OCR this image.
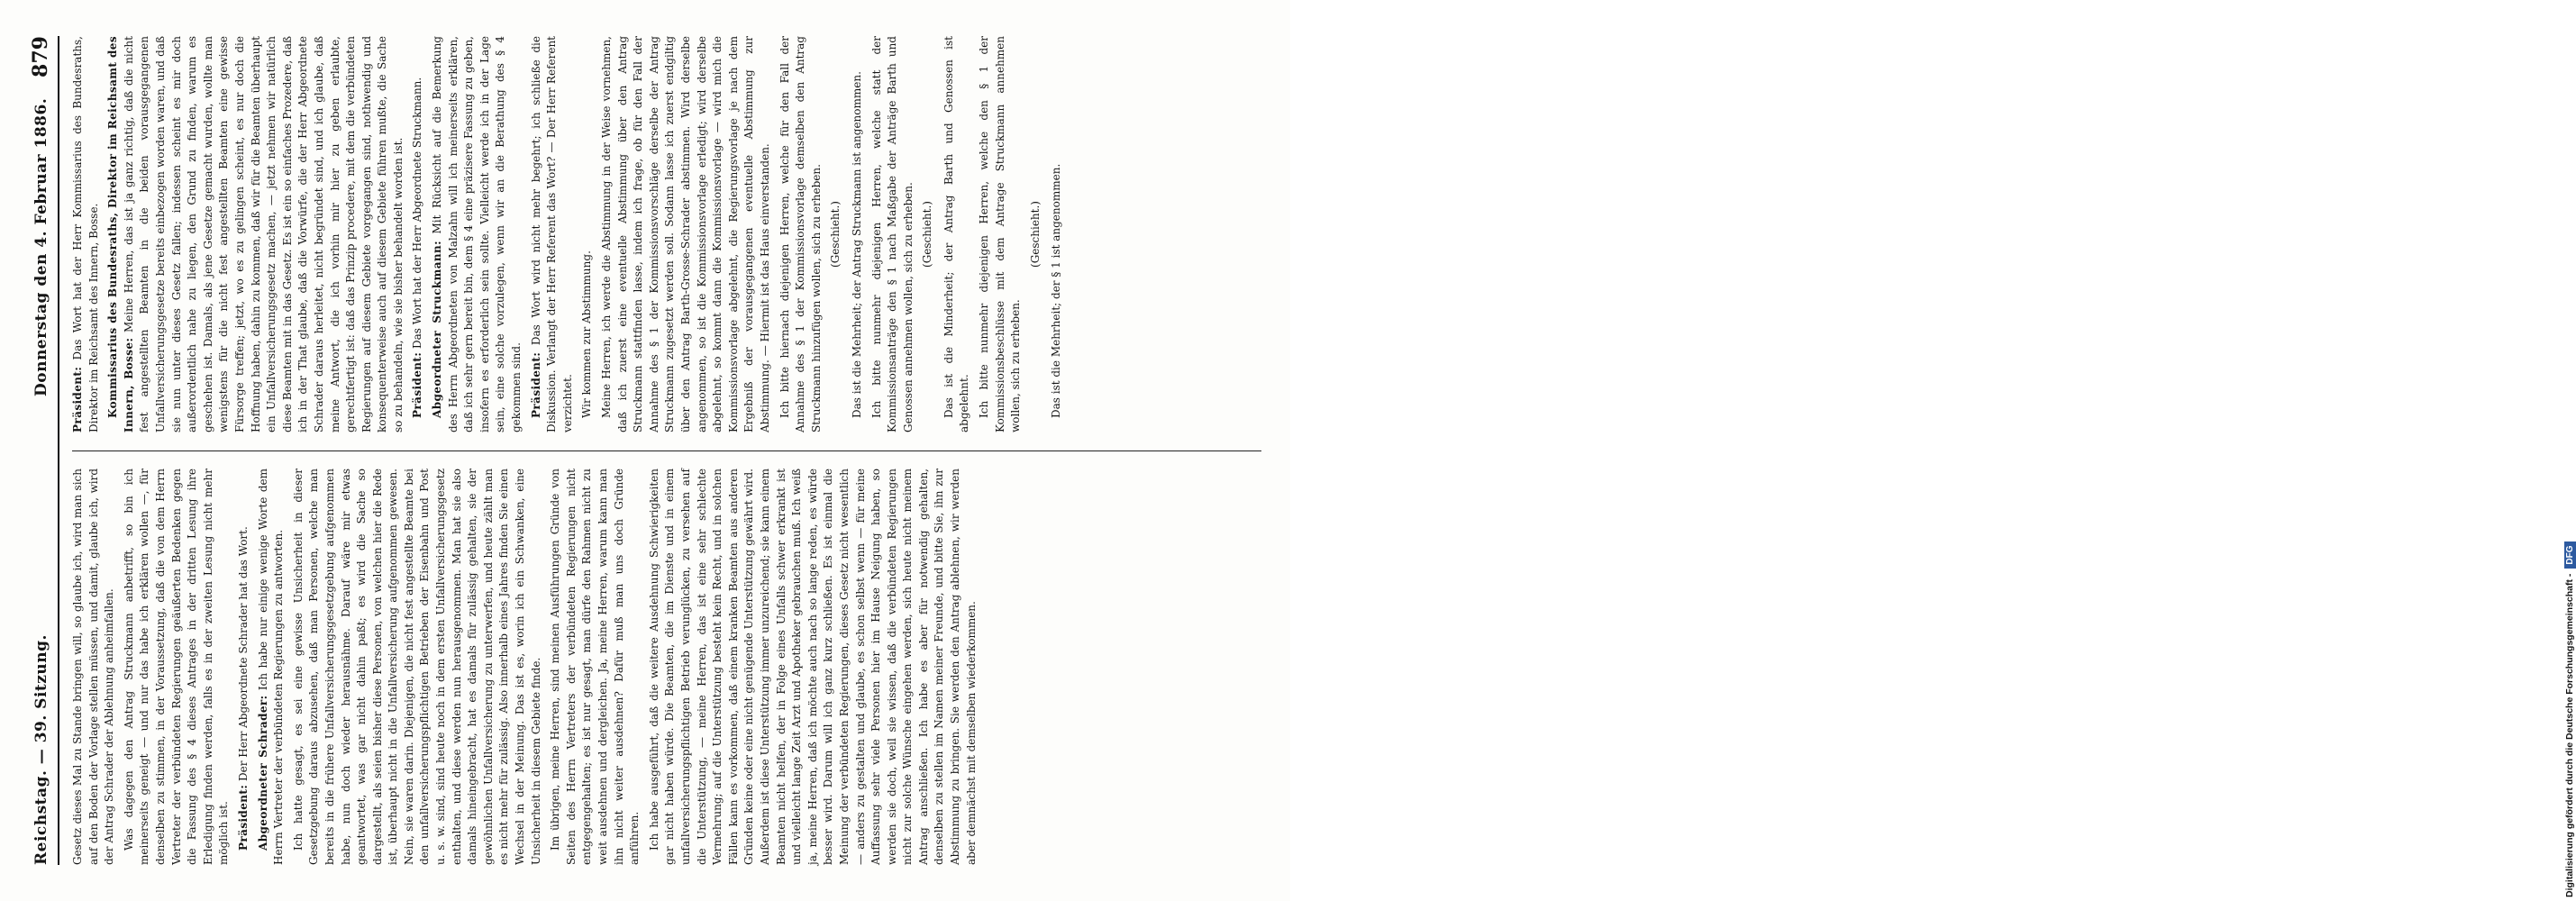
Reichstag. — 39. Sitzung.
Donnerstag den 4. Februar 1886.
879

Gesetz dieses Mal zu Stande bringen will, so glaube ich, wird man sich auf den Boden der Vorlage stellen müssen, und damit, glaube ich, wird der Antrag Schrader der Ablehnung anheimfallen. Was dagegen den Antrag Struckmann anbetrifft, so bin ich meinerseits geneigt — und nur das habe ich erklären wollen —, für denselben zu stimmen, in der Voraussetzung, daß die von dem Herrn Vertreter der verbündeten Regierungen geäußerten Bedenken gegen die Fassung des § 4 dieses Antrages in der dritten Lesung ihre Erledigung finden werden, falls es in der zweiten Lesung nicht mehr möglich ist. Präsident: Der Herr Abgeordnete Schrader hat das Wort. Abgeordneter Schrader: Ich habe nur einige wenige Worte dem Herrn Vertreter der verbündeten Regierungen zu antworten. Ich hatte gesagt, es sei eine gewisse Unsicherheit in dieser Gesetzgebung daraus abzusehen, daß man Personen, welche man bereits in die frühere Unfallversicherungsgesetzgebung aufgenommen habe, nun doch wieder herausnähme. Darauf wäre mir etwas geantwortet, was gar nicht dahin paßt; es wird die Sache so dargestellt, als seien bisher diese Personen, von welchen hier die Rede ist, überhaupt nicht in die Unfallversicherung aufgenommen gewesen. Nein, sie waren darin. Diejenigen, die nicht fest angestellte Beamte bei den unfallversicherungspflichtigen Betrieben der Eisenbahn und Post u. s. w. sind, sind heute noch in dem ersten Unfallversicherungsgesetz enthalten, und diese werden nun herausgenommen. Man hat sie also damals hineingebracht, hat es damals für zulässig gehalten, sie der gewöhnlichen Unfallversicherung zu unterwerfen, und heute zählt man es nicht mehr für zulässig. Also innerhalb eines Jahres finden Sie einen Wechsel in der Meinung. Das ist es, worin ich ein Schwanken, eine Unsicherheit in diesem Gebiete finde. Im übrigen, meine Herren, sind meinen Ausführungen Gründe von Seiten des Herrn Vertreters der verbündeten Regierungen nicht entgegengehalten; es ist nur gesagt, man dürfe den Rahmen nicht zu weit ausdehnen und dergleichen. Ja, meine Herren, warum kann man ihn nicht weiter ausdehnen? Dafür muß man uns doch Gründe anführen. Ich habe ausgeführt, daß die weitere Ausdehnung Schwierigkeiten gar nicht haben würde. Die Beamten, die im Dienste und in einem unfallversicherungspflichtigen Betrieb verunglücken, zu versehen auf die Unterstützung, — meine Herren, das ist eine sehr schlechte Vermehrung; auf die Unterstützung besteht kein Recht, und in solchen Fällen kann es vorkommen, daß einem kranken Beamten aus anderen Gründen keine oder eine nicht genügende Unterstützung gewährt wird. Außerdem ist diese Unterstützung immer unzureichend; sie kann einem Beamten nicht helfen, der in Folge eines Unfalls schwer erkrankt ist und vielleicht lange Zeit Arzt und Apotheker gebrauchen muß. Ich weiß ja, meine Herren, daß ich möchte auch nach so lange reden, es würde besser wird. Darum will ich ganz kurz schließen. Es ist einmal die Meinung der verbündeten Regierungen, dieses Gesetz nicht wesentlich — anders zu gestalten und glaube, es schon selbst wenn — für meine Auffassung sehr viele Personen hier im Hause Neigung haben, so werden sie doch, weil sie wissen, daß die verbündeten Regierungen nicht zur solche Wünsche eingehen werden, sich heute nicht meinem Antrag anschließen. Ich habe es aber für notwendig gehalten, denselben zu stellen im Namen meiner Freunde, und bitte Sie, ihn zur Abstimmung zu bringen. Sie werden den Antrag ablehnen, wir werden aber demnächst mit demselben wiederkommen.

Präsident: Das Wort hat der Herr Kommissarius des Bundesraths, Direktor im Reichsamt des Innern, Bosse. Kommissarius des Bundesraths, Direktor im Reichsamt des Innern, Bosse: Meine Herren, das ist ja ganz richtig, daß die nicht fest angestellten Beamten in die beiden vorausgegangenen Unfallversicherungsgesetze bereits einbezogen worden waren, und daß sie nun unter dieses Gesetz fallen; indessen scheint es mir doch außerordentlich nahe zu liegen, den Grund zu finden, warum es geschehen ist. Damals, als jene Gesetze gemacht wurden, wollte man wenigstens für die nicht fest angestellten Beamten eine gewisse Fürsorge treffen; jetzt, wo es zu gelingen scheint, es nur doch die Hoffnung haben, dahin zu kommen, daß wir für die Beamten überhaupt ein Unfallversicherungsgesetz machen, — jetzt nehmen wir natürlich diese Beamten mit in das Gesetz. Es ist ein so einfaches Prozedere, daß ich in der That glaube, daß die Vorwürfe, die der Herr Abgeordnete Schrader daraus herleitet, nicht begründet sind, und ich glaube, daß meine Antwort, die ich vorhin mir hier zu geben erlaubte, gerechtfertigt ist: daß das Prinzip procedere, mit dem die verbündeten Regierungen auf diesem Gebiete vorgegangen sind, nothwendig und konsequenterweise auch auf diesem Gebiete führen mußte, die Sache so zu behandeln, wie sie bisher behandelt worden ist. Präsident: Das Wort hat der Herr Abgeordnete Struckmann. Abgeordneter Struckmann: Mit Rücksicht auf die Bemerkung des Herrn Abgeordneten von Malzahn will ich meinerseits erklären, daß ich sehr gern bereit bin, dem § 4 eine präzisere Fassung zu geben, insofern es erforderlich sein sollte. Vielleicht werde ich in der Lage sein, eine solche vorzulegen, wenn wir an die Berathung des § 4 gekommen sind. Präsident: Das Wort wird nicht mehr begehrt; ich schließe die Diskussion. Verlangt der Herr Referent das Wort? — Der Herr Referent verzichtet. Wir kommen zur Abstimmung. Meine Herren, ich werde die Abstimmung in der Weise vornehmen, daß ich zuerst eine eventuelle Abstimmung über den Antrag Struckmann stattfinden lasse, indem ich frage, ob für den Fall der Annahme des § 1 der Kommissionsvorschläge derselbe der Antrag Struckmann zugesetzt werden soll. Sodann lasse ich zuerst endgiltig über den Antrag Barth-Grosse-Schrader abstimmen. Wird derselbe angenommen, so ist die Kommissionsvorlage erledigt; wird derselbe abgelehnt, so kommt dann die Kommissionsvorlage — wird mich die Kommissionsvorlage abgelehnt, die Regierungsvorlage je nach dem Ergebniß der vorausgegangenen eventuelle Abstimmung zur Abstimmung. — Hiermit ist das Haus einverstanden. Ich bitte hiernach diejenigen Herren, welche für den Fall der Annahme des § 1 der Kommissionsvorlage demselben den Antrag Struckmann hinzufügen wollen, sich zu erheben. (Geschieht.) Das ist die Mehrheit; der Antrag Struckmann ist angenommen. Ich bitte nunmehr diejenigen Herren, welche statt der Kommissionsanträge den § 1 nach Maßgabe der Anträge Barth und Genossen annehmen wollen, sich zu erheben. (Geschieht.) Das ist die Minderheit; der Antrag Barth und Genossen ist abgelehnt. Ich bitte nunmehr diejenigen Herren, welche den § 1 der Kommissionsbeschlüsse mit dem Antrage Struckmann annehmen wollen, sich zu erheben.

(Geschieht.) Das ist die Mehrheit; der § 1 ist angenommen.

Digitalisierung gefördert durch die Deutsche Forschungsgemeinschaft -DFG
